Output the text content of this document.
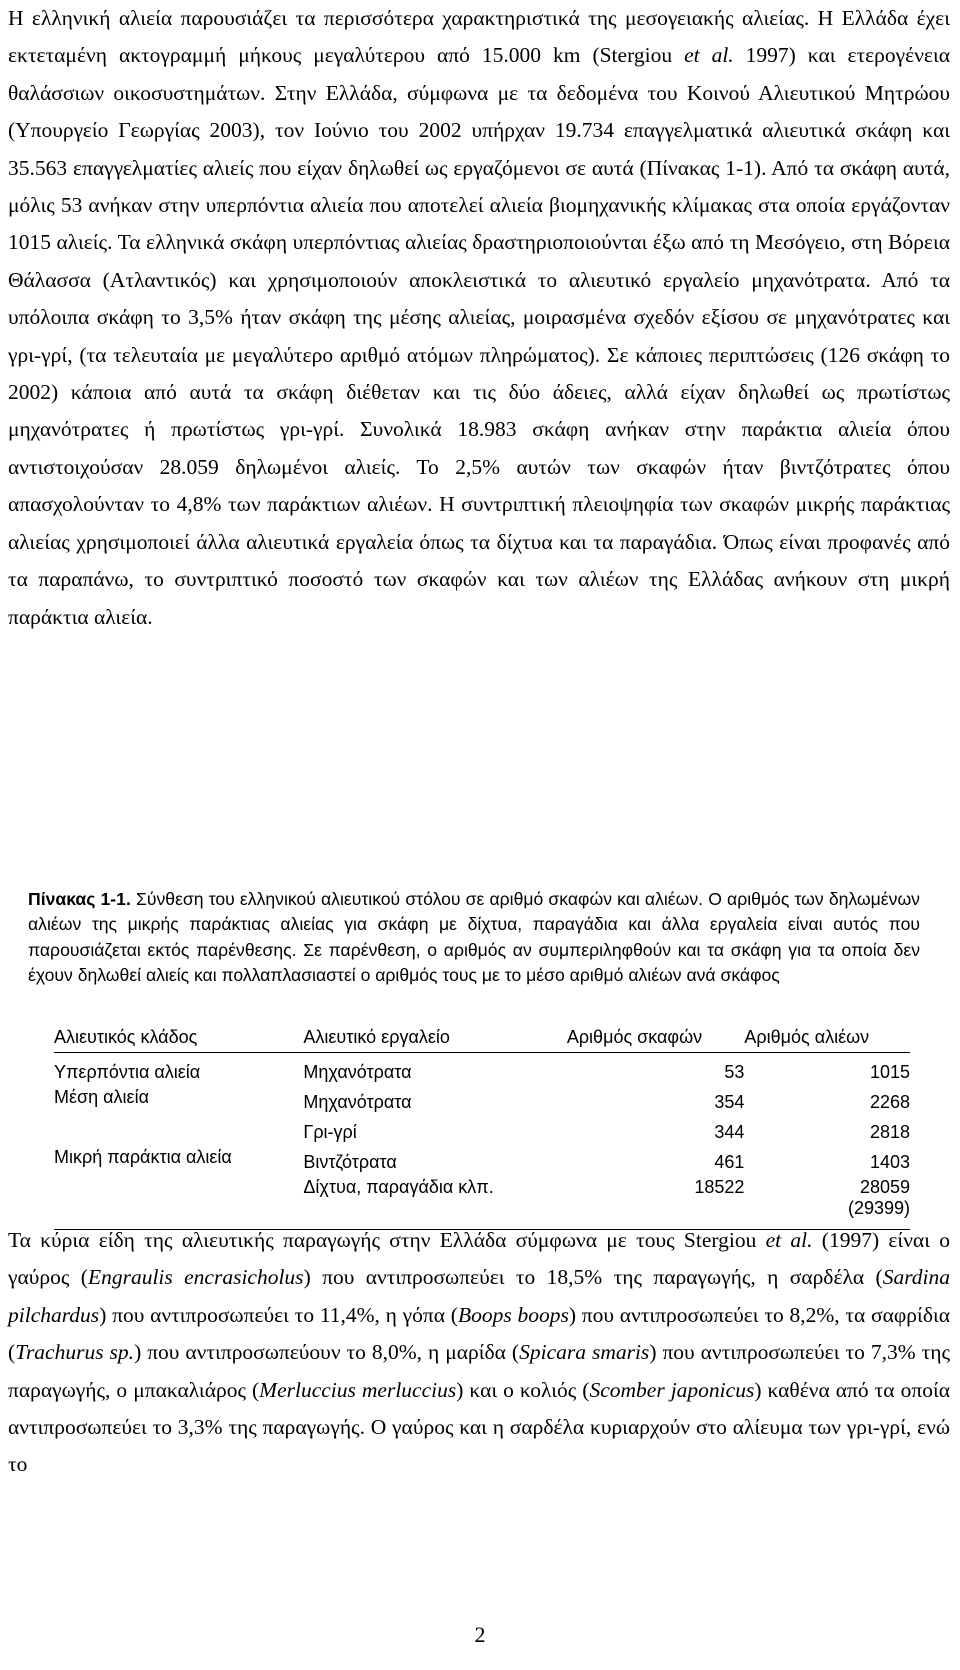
Η ελληνική αλιεία παρουσιάζει τα περισσότερα χαρακτηριστικά της μεσογειακής αλιείας. Η Ελλάδα έχει εκτεταμένη ακτογραμμή μήκους μεγαλύτερου από 15.000 km (Stergiou et al. 1997) και ετερογένεια θαλάσσιων οικοσυστημάτων. Στην Ελλάδα, σύμφωνα με τα δεδομένα του Κοινού Αλιευτικού Μητρώου (Υπουργείο Γεωργίας 2003), τον Ιούνιο του 2002 υπήρχαν 19.734 επαγγελματικά αλιευτικά σκάφη και 35.563 επαγγελματίες αλιείς που είχαν δηλωθεί ως εργαζόμενοι σε αυτά (Πίνακας 1-1). Από τα σκάφη αυτά, μόλις 53 ανήκαν στην υπερπόντια αλιεία που αποτελεί αλιεία βιομηχανικής κλίμακας στα οποία εργάζονταν 1015 αλιείς. Τα ελληνικά σκάφη υπερπόντιας αλιείας δραστηριοποιούνται έξω από τη Μεσόγειο, στη Βόρεια Θάλασσα (Ατλαντικός) και χρησιμοποιούν αποκλειστικά το αλιευτικό εργαλείο μηχανότρατα. Από τα υπόλοιπα σκάφη το 3,5% ήταν σκάφη της μέσης αλιείας, μοιρασμένα σχεδόν εξίσου σε μηχανότρατες και γρι-γρί, (τα τελευταία με μεγαλύτερο αριθμό ατόμων πληρώματος). Σε κάποιες περιπτώσεις (126 σκάφη το 2002) κάποια από αυτά τα σκάφη διέθεταν και τις δύο άδειες, αλλά είχαν δηλωθεί ως πρωτίστως μηχανότρατες ή πρωτίστως γρι-γρί. Συνολικά 18.983 σκάφη ανήκαν στην παράκτια αλιεία όπου αντιστοιχούσαν 28.059 δηλωμένοι αλιείς. Το 2,5% αυτών των σκαφών ήταν βιντζότρατες όπου απασχολούνταν το 4,8% των παράκτιων αλιέων. Η συντριπτική πλειοψηφία των σκαφών μικρής παράκτιας αλιείας χρησιμοποιεί άλλα αλιευτικά εργαλεία όπως τα δίχτυα και τα παραγάδια. Όπως είναι προφανές από τα παραπάνω, το συντριπτικό ποσοστό των σκαφών και των αλιέων της Ελλάδας ανήκουν στη μικρή παράκτια αλιεία.

Πίνακας 1-1. Σύνθεση του ελληνικού αλιευτικού στόλου σε αριθμό σκαφών και αλιέων. Ο αριθμός των δηλωμένων αλιέων της μικρής παράκτιας αλιείας για σκάφη με δίχτυα, παραγάδια και άλλα εργαλεία είναι αυτός που παρουσιάζεται εκτός παρένθεσης. Σε παρένθεση, ο αριθμός αν συμπεριληφθούν και τα σκάφη για τα οποία δεν έχουν δηλωθεί αλιείς και πολλαπλασιαστεί ο αριθμός τους με το μέσο αριθμό αλιέων ανά σκάφος

Αλιευτικός κλάδος	Αλιευτικό εργαλείο	Αριθμός σκαφών	Αριθμός αλιέων
Υπερπόντια αλιεία	Μηχανότρατα	53	1015
Μέση αλιεία	Μηχανότρατα	354	2268
	Γρι-γρί	344	2818
Μικρή παράκτια αλιεία	Βιντζότρατα	461	1403
	Δίχτυα, παραγάδια κλπ.	18522	28059
(29399)

Τα κύρια είδη της αλιευτικής παραγωγής στην Ελλάδα σύμφωνα με τους Stergiou et al. (1997) είναι ο γαύρος (Engraulis encrasicholus) που αντιπροσωπεύει το 18,5% της παραγωγής, η σαρδέλα (Sardina pilchardus) που αντιπροσωπεύει το 11,4%, η γόπα (Boops boops) που αντιπροσωπεύει το 8,2%, τα σαφρίδια (Trachurus sp.) που αντιπροσωπεύουν το 8,0%, η μαρίδα (Spicara smaris) που αντιπροσωπεύει το 7,3% της παραγωγής, ο μπακαλιάρος (Merluccius merluccius) και ο κολιός (Scomber japonicus) καθένα από τα οποία αντιπροσωπεύει το 3,3% της παραγωγής. Ο γαύρος και η σαρδέλα κυριαρχούν στο αλίευμα των γρι-γρί, ενώ το

2
